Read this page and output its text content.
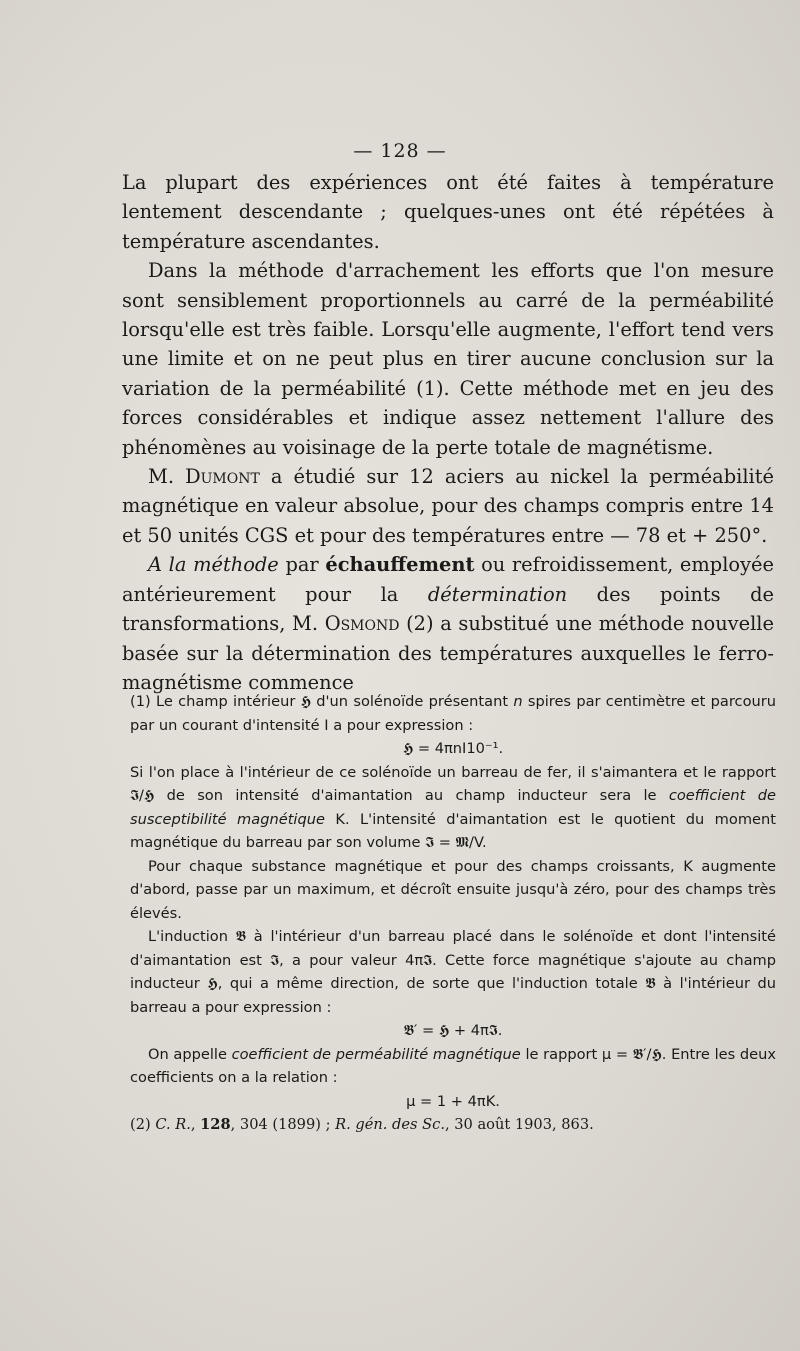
— 128 —

La plupart des expériences ont été faites à température lentement descendante ; quelques-unes ont été répétées à température ascendantes.

Dans la méthode d'arrachement les efforts que l'on mesure sont sensiblement proportionnels au carré de la perméabilité lorsqu'elle est très faible. Lorsqu'elle augmente, l'effort tend vers une limite et on ne peut plus en tirer aucune conclusion sur la variation de la perméabilité (1). Cette méthode met en jeu des forces considérables et indique assez nettement l'allure des phénomènes au voisinage de la perte totale de magnétisme.

M. Dumont a étudié sur 12 aciers au nickel la perméabilité magnétique en valeur absolue, pour des champs compris entre 14 et 50 unités CGS et pour des températures entre — 78 et + 250°.

A la méthode par échauffement ou refroidissement, employée antérieurement pour la détermination des points de transformations, M. Osmond (2) a substitué une méthode nouvelle basée sur la détermination des températures auxquelles le ferro-magnétisme commence

(1) Le champ intérieur 𝕳 d'un solénoïde présentant n spires par centimètre et parcouru par un courant d'intensité I a pour expression :

𝕳 = 4πnI10⁻¹.

Si l'on place à l'intérieur de ce solénoïde un barreau de fer, il s'aimantera et le rapport 𝕴/𝕳 de son intensité d'aimantation au champ inducteur sera le coefficient de susceptibilité magnétique K. L'intensité d'aimantation est le quotient du moment magnétique du barreau par son volume 𝕴 = 𝕸/V.

Pour chaque substance magnétique et pour des champs croissants, K augmente d'abord, passe par un maximum, et décroît ensuite jusqu'à zéro, pour des champs très élevés.

L'induction 𝕭 à l'intérieur d'un barreau placé dans le solénoïde et dont l'intensité d'aimantation est 𝕴, a pour valeur 4π𝕴. Cette force magnétique s'ajoute au champ inducteur 𝕳, qui a même direction, de sorte que l'induction totale 𝕭 à l'intérieur du barreau a pour expression :

𝕭′ = 𝕳 + 4π𝕴.

On appelle coefficient de perméabilité magnétique le rapport μ = 𝕭′/𝕳. Entre les deux coefficients on a la relation :

μ = 1 + 4πK.

(2) C. R., 128, 304 (1899) ; R. gén. des Sc., 30 août 1903, 863.
